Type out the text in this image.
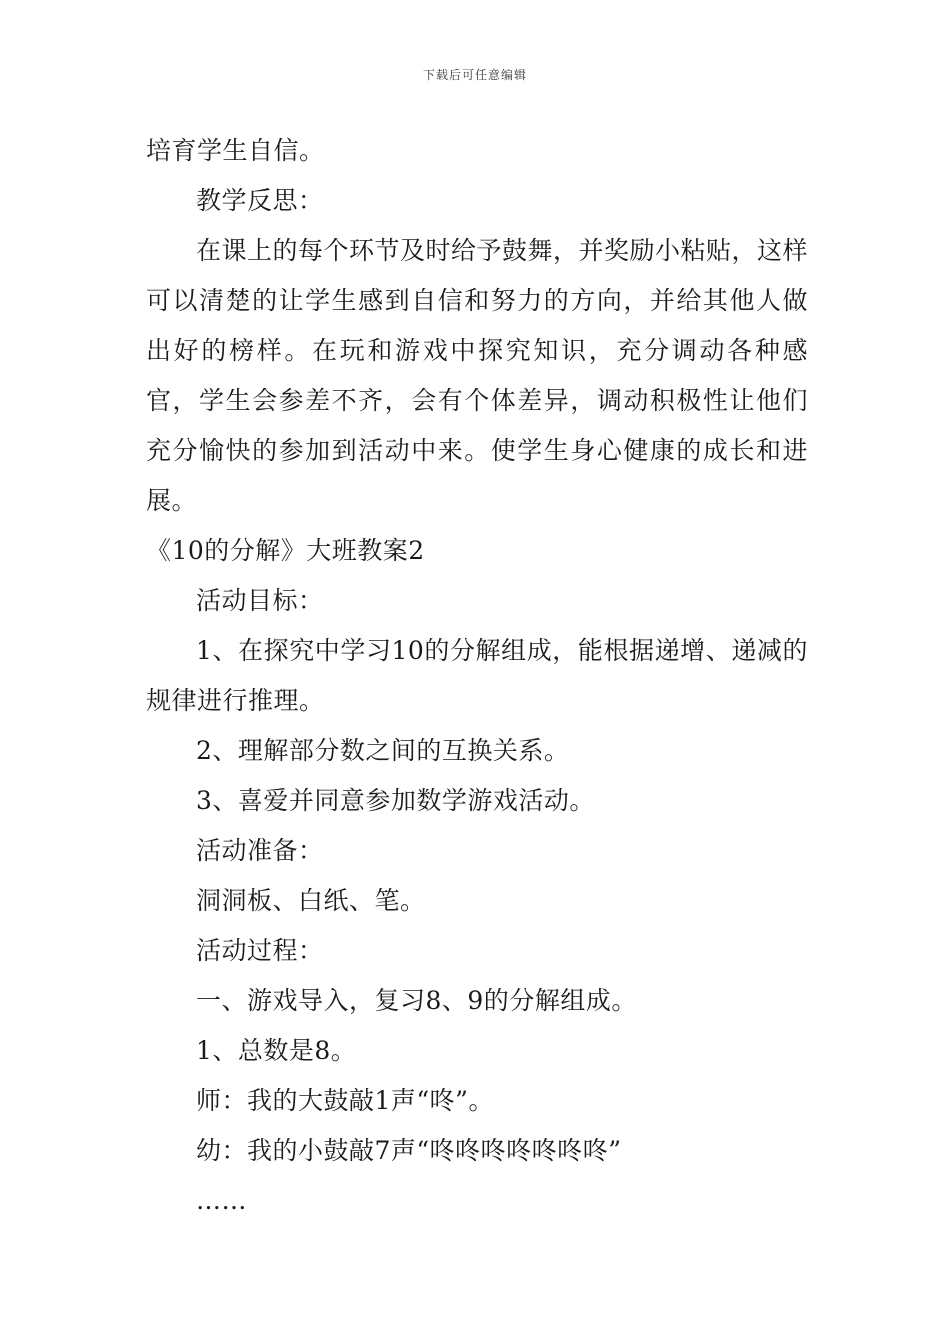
下载后可任意编辑

培育学生自信。

教学反思：

在课上的每个环节及时给予鼓舞，并奖励小粘贴，这样可以清楚的让学生感到自信和努力的方向，并给其他人做出好的榜样。在玩和游戏中探究知识，充分调动各种感官，学生会参差不齐，会有个体差异，调动积极性让他们充分愉快的参加到活动中来。使学生身心健康的成长和进展。

《10的分解》大班教案2

活动目标：

1、在探究中学习10的分解组成，能根据递增、递减的规律进行推理。

2、理解部分数之间的互换关系。

3、喜爱并同意参加数学游戏活动。

活动准备：

洞洞板、白纸、笔。

活动过程：

一、游戏导入，复习8、9的分解组成。

1、总数是8。

师：我的大鼓敲1声“咚”。

幼：我的小鼓敲7声“咚咚咚咚咚咚咚”

……
